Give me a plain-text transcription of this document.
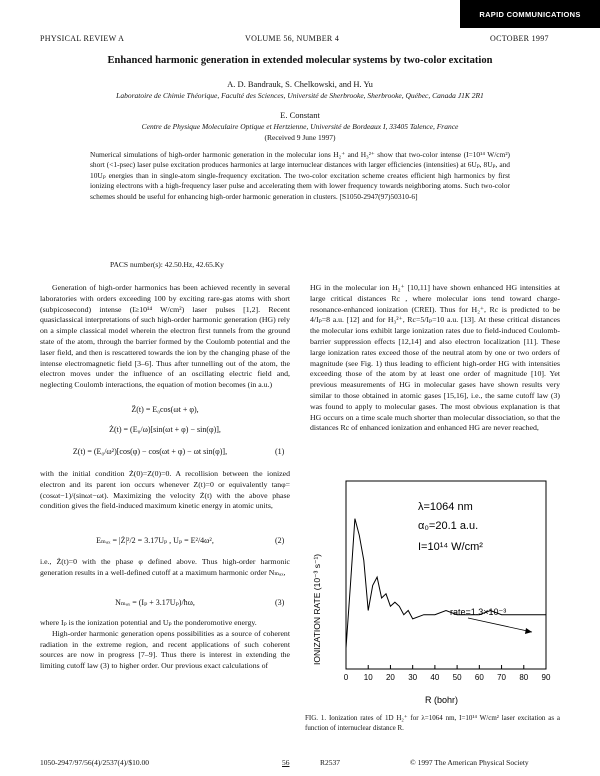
RAPID COMMUNICATIONS
PHYSICAL REVIEW A	VOLUME 56, NUMBER 4	OCTOBER 1997
Enhanced harmonic generation in extended molecular systems by two-color excitation
A. D. Bandrauk, S. Chelkowski, and H. Yu
Laboratoire de Chimie Théorique, Faculté des Sciences, Université de Sherbrooke, Sherbrooke, Québec, Canada J1K 2R1
E. Constant
Centre de Physique Moleculaire Optique et Hertzienne, Université de Bordeaux I, 33405 Talence, France
(Received 9 June 1997)
Numerical simulations of high-order harmonic generation in the molecular ions H₂⁺ and H₃²⁺ show that two-color intense (I=10¹⁴ W/cm²) short (<1-psec) laser pulse excitation produces harmonics at large internuclear distances with larger efficiencies (intensities) at 6Uₚ, 8Uₚ, and 10Uₚ energies than in single-atom single-frequency excitation. The two-color excitation scheme creates efficient high harmonics by first ionizing electrons with a high-frequency laser pulse and accelerating them with lower frequency towards neighboring atoms. Such two-color schemes should be useful for enhancing high-order harmonic generation in clusters. [S1050-2947(97)50310-6]
PACS number(s): 42.50.Hz, 42.65.Ky

Generation of high-order harmonics has been achieved recently in several laboratories with orders exceeding 100 by exciting rare-gas atoms with short (subpicosecond) intense (I≥10¹⁴ W/cm²) laser pulses [1,2]. Recent quasiclassical interpretations of such high-order harmonic generation (HG) rely on a simple classical model wherein the electron first tunnels from the ground state of the atom, through the barrier formed by the Coulomb potential and the laser field, and then is rescattered towards the ion by the changing phase of the intense electromagnetic field [3–6]. Thus after tunnelling out of the atom, the electron moves under the influence of an oscillating electric field and, neglecting Coulomb interactions, the equation of motion becomes (in a.u.)

Z̈(t) = E₀cos(ωt + φ),
Ż(t) = (E₀/ω)[sin(ωt + φ) − sin(φ)],
Z(t) = (E₀/ω²)[cos(φ) − cos(ωt + φ) − ωt sin(φ)],	(1)

with the initial condition Ż(0)=Z(0)=0. A recollision between the ionized electron and its parent ion occurs whenever Z(t)=0 or equivalently tanφ=(cosωt−1)/(sinωt−ωt). Maximizing the velocity Ż(t) with the above phase condition gives the field-induced maximum kinetic energy in atomic units,

Eₘₐₓ = |Ż|²/2 = 3.17Uₚ , Uₚ = E²/4ω²,	(2)

i.e., Z̈(t)=0 with the phase φ defined above. Thus high-order harmonic generation results in a well-defined cutoff at a maximum harmonic order Nₘₐₓ,

Nₘₐₓ = (Iₚ + 3.17Uₚ)/ħω,	(3)

where Iₚ is the ionization potential and Uₚ the ponderomotive energy.

High-order harmonic generation opens possibilities as a source of coherent radiation in the extreme region, and recent applications of such coherent sources are now in progress [7–9]. Thus there is interest in extending the limiting cutoff law (3) to higher order. Our previous exact calculations of

HG in the molecular ion H₂⁺ [10,11] have shown enhanced HG intensities at large critical distances Rc , where molecular ions tend toward charge-resonance-enhanced ionization (CREI). Thus for H₂⁺, Rc is predicted to be 4/Iₚ=8 a.u. [12] and for H₃²⁺, Rc=5/Iₚ=10 a.u. [13]. At these critical distances the molecular ions exhibit large ionization rates due to field-induced Coulomb-barrier suppression effects [12,14] and also electron localization [11]. These large ionization rates exceed those of the neutral atom by one or two orders of magnitude (see Fig. 1) thus leading to efficient high-order HG with intensities exceeding those of the atom by at least one order of magnitude [10]. Yet previous measurements of HG in molecular gases have shown results very similar to those obtained in atomic gases [15,16], i.e., the same cutoff law (3) was found to apply to molecular gases. The most obvious explanation is that HG occurs on a time scale much shorter than molecular dissociation, so that the distances Rc of enhanced ionization and enhanced HG are never reached,

IONIZATION RATE (10⁻³ s⁻¹)
λ=1064 nm
α₀=20.1 a.u.
I=10¹⁴ W/cm²
rate=1.3×10⁻³
0 10 20 30 40 50 60 70 80 90
R (bohr)
FIG. 1. Ionization rates of 1D H₂⁺ for λ=1064 nm, I=10¹⁴ W/cm² laser excitation as a function of internuclear distance R.
1050-2947/97/56(4)/2537(4)/$10.00	56	R2537	© 1997 The American Physical Society
